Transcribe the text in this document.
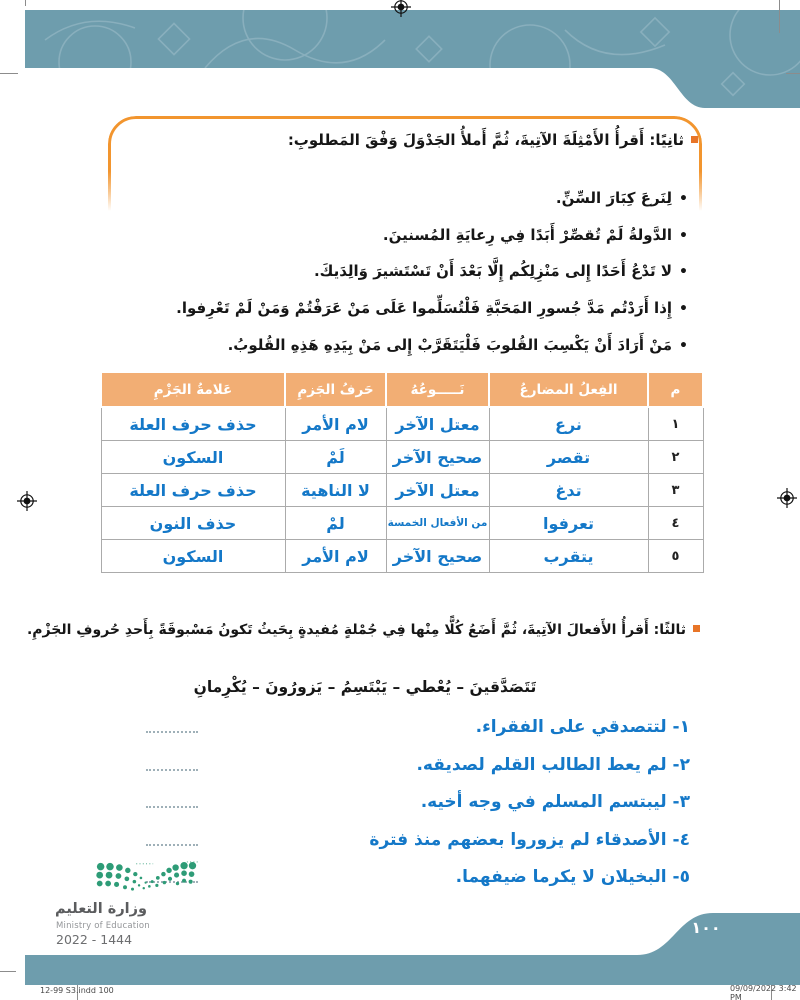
ثانِيًا: أَقرأُ الأَمْثِلَةَ الآتِيةَ، ثُمَّ أَملأُ الجَدْوَلَ وَفْقَ المَطلوبِ:
• لِنَرعَ كِبَارَ السِّنِّ.
• الدَّولةُ لَمْ تُقصِّرْ أَبَدًا فِي رِعايَةِ المُسنينَ.
• لا تَدْعُ أَحَدًا إِلى مَنْزِلِكُم إِلَّا بَعْدَ أَنْ تَسْتَشيرَ وَالِدَيكَ.
• إِذا أَرَدْتُم مَدَّ جُسورِ المَحَبَّةِ فَلْتُسَلِّموا عَلَى مَنْ عَرَفْتُمْ وَمَنْ لَمْ تَعْرِفوا.
• مَنْ أَرَادَ أَنْ يَكْسِبَ القُلوبَ فَلْيَتَقَرَّبْ إِلى مَنْ بِيَدِهِ هَذِهِ القُلوبُ.
م	الفِعلُ المضارعُ	نَـــــوعُهُ	حَرفُ الجَزمِ	عَلامةُ الجَزْمِ
١	نرع	معتل الآخر	لام الأمر	حذف حرف العلة
٢	تقصر	صحيح الآخر	لَمْ	السكون
٣	تدغ	معتل الآخر	لا الناهية	حذف حرف العلة
٤	تعرفوا	من الأفعال الخمسة	لمْ	حذف النون
٥	يتقرب	صحيح الآخر	لام الأمر	السكون
ثالثًا: أَقرأُ الأَفعالَ الآتِيةَ، ثُمَّ أَضَعُ كُلًّا مِنْها فِي جُمْلةٍ مُفيدةٍ بِحَيثُ تَكونُ مَسْبوقَةً بِأَحدِ حُروفِ الجَزْمِ.
تَتَصَدَّقينَ – يُعْطي – يَبْتَسِمُ – يَزورُونَ – يُكْرِمانِ
١- لتتصدقي على الفقراء.
٢- لم يعط الطالب القلم لصديقه.
٣- ليبتسم المسلم في وجه أخيه.
٤- الأصدقاء لم يزوروا بعضهم منذ فترة
٥- البخيلان لا يكرما ضيفهما.
وزارة التعليم
Ministry of Education
2022 - 1444
١٠٠
12-99 S3.indd 100	09/09/2022 3:42 PM
